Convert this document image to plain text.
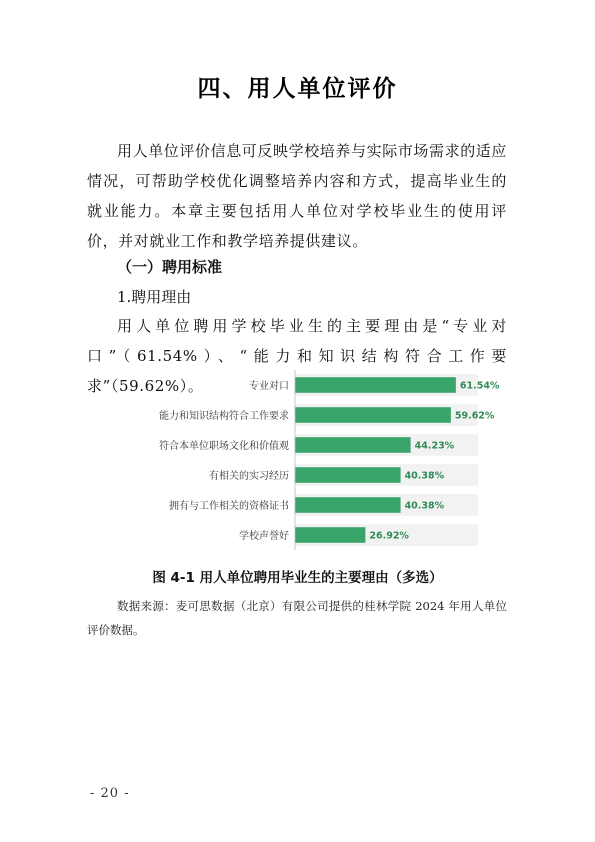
四、用人单位评价
用人单位评价信息可反映学校培养与实际市场需求的适应情况，可帮助学校优化调整培养内容和方式，提高毕业生的就业能力。本章主要包括用人单位对学校毕业生的使用评价，并对就业工作和教学培养提供建议。
（一）聘用标准
1.聘用理由
用人单位聘用学校毕业生的主要理由是“专业对口”（61.54%）、“能力和知识结构符合工作要求”（59.62%）。	专业对口	61.54%
能力和知识结构符合工作要求	59.62%
符合本单位职场文化和价值观	44.23%
有相关的实习经历	40.38%
拥有与工作相关的资格证书	40.38%
学校声誉好	26.92%
图 4-1 用人单位聘用毕业生的主要理由（多选）
数据来源：麦可思数据（北京）有限公司提供的桂林学院 2024 年用人单位评价数据。
- 20 -
